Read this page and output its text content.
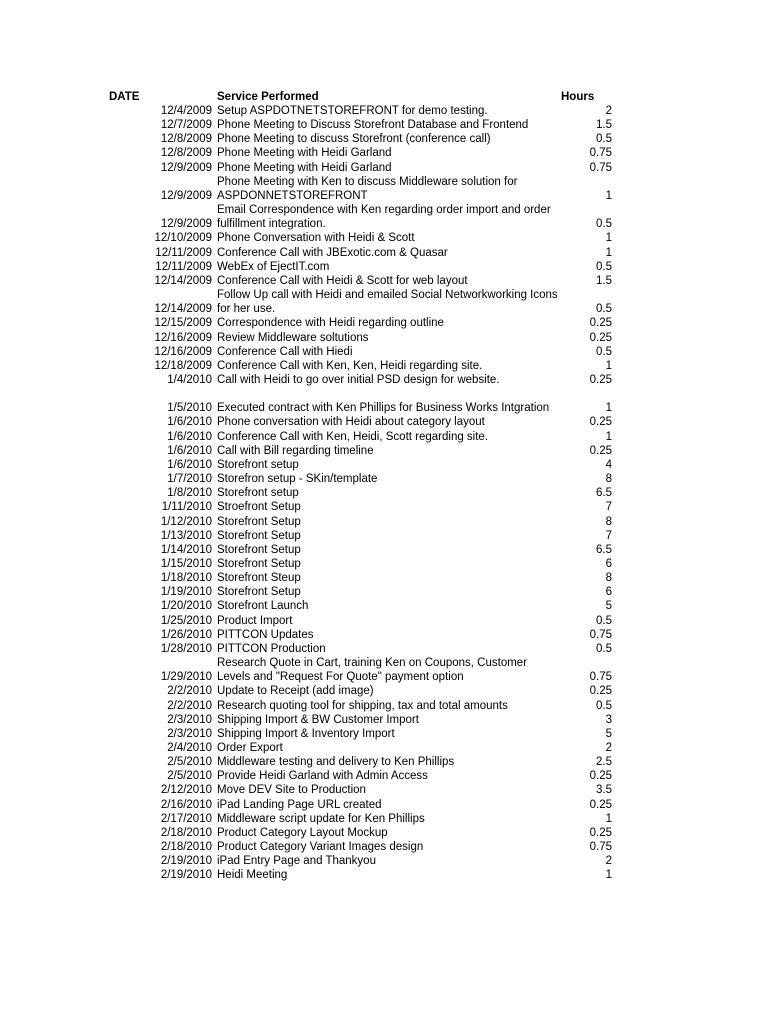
DATE	Service Performed	Hours
12/4/2009 Setup ASPDOTNETSTOREFRONT for demo testing.	2
12/7/2009 Phone Meeting to Discuss Storefront Database and Frontend	1.5
12/8/2009 Phone Meeting to discuss Storefront (conference call)	0.5
12/8/2009 Phone Meeting with Heidi Garland	0.75
12/9/2009 Phone Meeting with Heidi Garland	0.75
12/9/2009
Phone Meeting with Ken to discuss Middleware solution for
ASPDONNETSTOREFRONT	1
12/9/2009
Email Correspondence with Ken regarding order import and order
fulfillment integration.	0.5
12/10/2009 Phone Conversation with Heidi & Scott	1
12/11/2009 Conference Call with JBExotic.com & Quasar	1
12/11/2009 WebEx of EjectIT.com	0.5
12/14/2009 Conference Call with Heidi & Scott for web layout	1.5
12/14/2009
Follow Up call with Heidi and emailed Social Networkworking Icons
for her use.	0.5
12/15/2009 Correspondence with Heidi regarding outline	0.25
12/16/2009 Review Middleware soltutions	0.25
12/16/2009 Conference Call with Hiedi	0.5
12/18/2009 Conference Call with Ken, Ken, Heidi regarding site.	1
1/4/2010 Call with Heidi to go over initial PSD design for website.	0.25
1/5/2010 Executed contract with Ken Phillips for Business Works Intgration	1
1/6/2010 Phone conversation with Heidi about category layout	0.25
1/6/2010 Conference Call with Ken, Heidi, Scott regarding site.	1
1/6/2010 Call with Bill regarding timeline	0.25
1/6/2010 Storefront setup	4
1/7/2010 Storefron setup - SKin/template	8
1/8/2010 Storefront setup	6.5
1/11/2010 Stroefront Setup	7
1/12/2010 Storefront Setup	8
1/13/2010 Storefront Setup	7
1/14/2010 Storefront Setup	6.5
1/15/2010 Storefront Setup	6
1/18/2010 Storefront Steup	8
1/19/2010 Storefront Setup	6
1/20/2010 Storefront Launch	5
1/25/2010 Product Import	0.5
1/26/2010 PITTCON Updates	0.75
1/28/2010 PITTCON Production	0.5
1/29/2010
Research Quote in Cart, training Ken on Coupons, Customer
Levels and "Request For Quote" payment option	0.75
2/2/2010 Update to Receipt (add image)	0.25
2/2/2010 Research quoting tool for shipping, tax and total amounts	0.5
2/3/2010 Shipping Import & BW Customer Import	3
2/3/2010 Shipping Import & Inventory Import	5
2/4/2010 Order Export	2
2/5/2010 Middleware testing and delivery to Ken Phillips	2.5
2/5/2010 Provide Heidi Garland with Admin Access	0.25
2/12/2010 Move DEV Site to Production	3.5
2/16/2010 iPad Landing Page URL created	0.25
2/17/2010 Middleware script update for Ken Phillips	1
2/18/2010 Product Category Layout Mockup	0.25
2/18/2010 Product Category Variant Images design	0.75
2/19/2010 iPad Entry Page and Thankyou	2
2/19/2010 Heidi Meeting	1
